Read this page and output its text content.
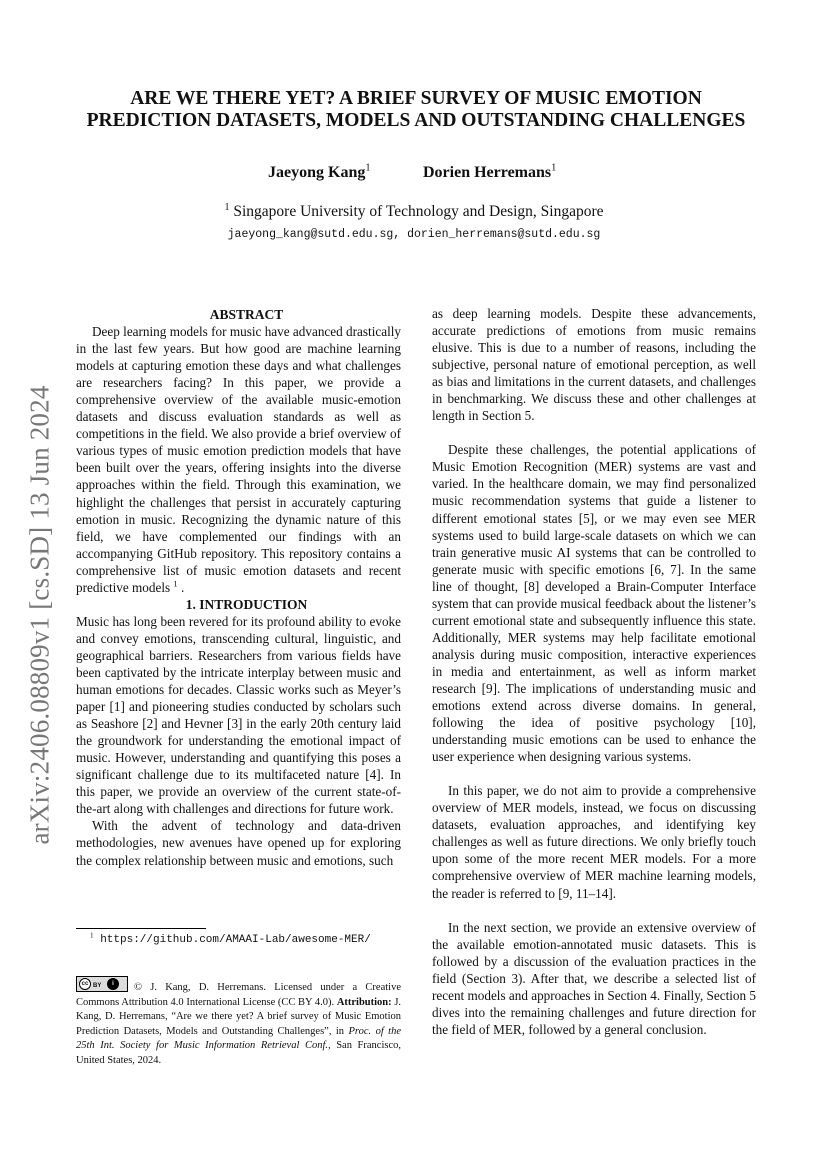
arXiv:2406.08809v1 [cs.SD] 13 Jun 2024
ARE WE THERE YET? A BRIEF SURVEY OF MUSIC EMOTION
PREDICTION DATASETS, MODELS AND OUTSTANDING CHALLENGES
Jaeyong Kang$^1$	Dorien Herremans$^1$
$^1$ Singapore University of Technology and Design, Singapore
jaeyong_kang@sutd.edu.sg, dorien_herremans@sutd.edu.sg

ABSTRACT

Deep learning models for music have advanced drastically in the last few years. But how good are machine learning models at capturing emotion these days and what challenges are researchers facing? In this paper, we provide a comprehensive overview of the available music-emotion datasets and discuss evaluation standards as well as competitions in the field. We also provide a brief overview of various types of music emotion prediction models that have been built over the years, offering insights into the diverse approaches within the field. Through this examination, we highlight the challenges that persist in accurately capturing emotion in music. Recognizing the dynamic nature of this field, we have complemented our findings with an accompanying GitHub repository. This repository contains a comprehensive list of music emotion datasets and recent predictive models $^1$ .

1. INTRODUCTION

Music has long been revered for its profound ability to evoke and convey emotions, transcending cultural, linguistic, and geographical barriers. Researchers from various fields have been captivated by the intricate interplay between music and human emotions for decades. Classic works such as Meyer’s paper [1] and pioneering studies conducted by scholars such as Seashore [2] and Hevner [3] in the early 20th century laid the groundwork for understanding the emotional impact of music. However, understanding and quantifying this poses a significant challenge due to its multifaceted nature [4]. In this paper, we provide an overview of the current state-of-the-art along with challenges and directions for future work.

With the advent of technology and data-driven methodologies, new avenues have opened up for exploring the complex relationship between music and emotions, such

$^1$ https://github.com/AMAAI-Lab/awesome-MER/
cc BY	i	© J. Kang, D. Herremans. Licensed under a Creative Commons Attribution 4.0 International License (CC BY 4.0). Attribution: J. Kang, D. Herremans, “Are we there yet? A brief survey of Music Emotion Prediction Datasets, Models and Outstanding Challenges”, in Proc. of the 25th Int. Society for Music Information Retrieval Conf., San Francisco, United States, 2024.

as deep learning models. Despite these advancements, accurate predictions of emotions from music remains elusive. This is due to a number of reasons, including the subjective, personal nature of emotional perception, as well as bias and limitations in the current datasets, and challenges in benchmarking. We discuss these and other challenges at length in Section 5.

Despite these challenges, the potential applications of Music Emotion Recognition (MER) systems are vast and varied. In the healthcare domain, we may find personalized music recommendation systems that guide a listener to different emotional states [5], or we may even see MER systems used to build large-scale datasets on which we can train generative music AI systems that can be controlled to generate music with specific emotions [6, 7]. In the same line of thought, [8] developed a Brain-Computer Interface system that can provide musical feedback about the listener’s current emotional state and subsequently influence this state. Additionally, MER systems may help facilitate emotional analysis during music composition, interactive experiences in media and entertainment, as well as inform market research [9]. The implications of understanding music and emotions extend across diverse domains. In general, following the idea of positive psychology [10], understanding music emotions can be used to enhance the user experience when designing various systems.

In this paper, we do not aim to provide a comprehensive overview of MER models, instead, we focus on discussing datasets, evaluation approaches, and identifying key challenges as well as future directions. We only briefly touch upon some of the more recent MER models. For a more comprehensive overview of MER machine learning models, the reader is referred to [9, 11–14].

In the next section, we provide an extensive overview of the available emotion-annotated music datasets. This is followed by a discussion of the evaluation practices in the field (Section 3). After that, we describe a selected list of recent models and approaches in Section 4. Finally, Section 5 dives into the remaining challenges and future direction for the field of MER, followed by a general conclusion.
